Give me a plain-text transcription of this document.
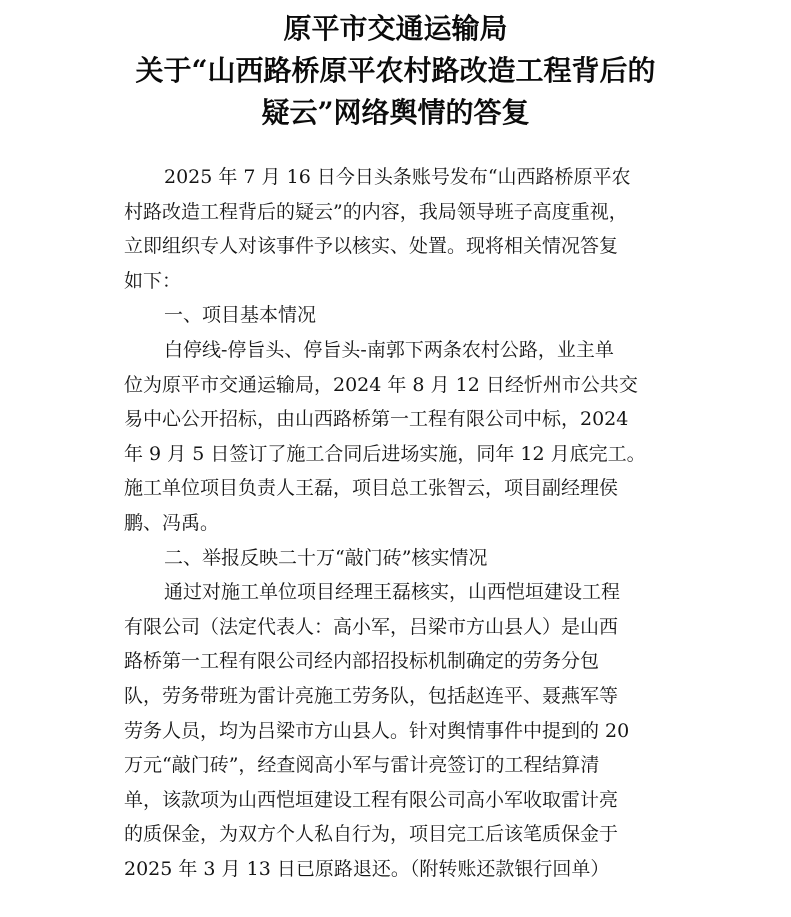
原平市交通运输局
关于“山西路桥原平农村路改造工程背后的
疑云”网络舆情的答复
2025 年 7 月 16 日今日头条账号发布“山西路桥原平农
村路改造工程背后的疑云”的内容，我局领导班子高度重视，
立即组织专人对该事件予以核实、处置。现将相关情况答复
如下：
一、项目基本情况
白停线-停旨头、停旨头-南郭下两条农村公路，业主单
位为原平市交通运输局，2024 年 8 月 12 日经忻州市公共交
易中心公开招标，由山西路桥第一工程有限公司中标，2024
年 9 月 5 日签订了施工合同后进场实施，同年 12 月底完工。
施工单位项目负责人王磊，项目总工张智云，项目副经理侯
鹏、冯禹。
二、举报反映二十万“敲门砖”核实情况
通过对施工单位项目经理王磊核实，山西恺垣建设工程
有限公司（法定代表人：高小军，吕梁市方山县人）是山西
路桥第一工程有限公司经内部招投标机制确定的劳务分包
队，劳务带班为雷计亮施工劳务队，包括赵连平、聂燕军等
劳务人员，均为吕梁市方山县人。针对舆情事件中提到的 20
万元“敲门砖”，经查阅高小军与雷计亮签订的工程结算清
单，该款项为山西恺垣建设工程有限公司高小军收取雷计亮
的质保金，为双方个人私自行为，项目完工后该笔质保金于
2025 年 3 月 13 日已原路退还。（附转账还款银行回单）
